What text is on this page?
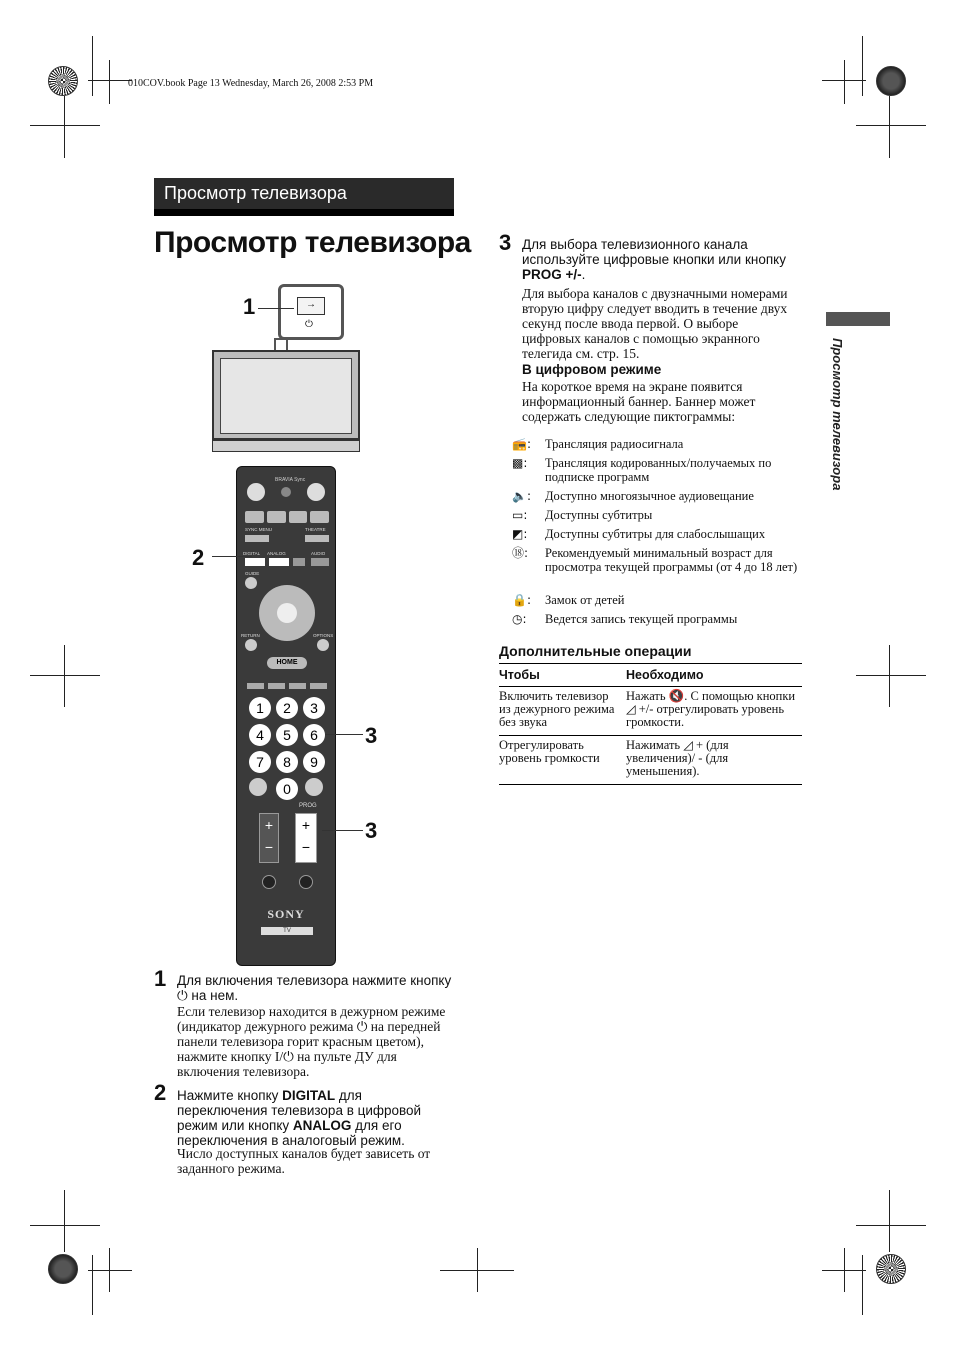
010COV.book Page 13 Wednesday, March 26, 2008 2:53 PM
Просмотр телевизора
Просмотр телевизора
Просмотр телевизора
→
⏻
1
BRAVIA Sync
SYNC MENU	THEATRE
DIGITAL ANALOG	AUDIO
GUIDE
RETURN	OPTIONS
HOME
1	2	3
4	5	6
7	8	9
0
PROG
+
−
+
−
SONY
TV
2
3
3
1 Для включения телевизора нажмите кнопку ⏻ на нем.
Если телевизор находится в дежурном режиме (индикатор дежурного режима ⏻ на передней панели телевизора горит красным цветом), нажмите кнопку I/⏻ на пульте ДУ для включения телевизора.
2 Нажмите кнопку DIGITAL для переключения телевизора в цифровой режим или кнопку ANALOG для его переключения в аналоговый режим.
Число доступных каналов будет зависеть от заданного режима.
3 Для выбора телевизионного канала используйте цифровые кнопки или кнопку PROG +/-.
Для выбора каналов с двузначными номерами вторую цифру следует вводить в течение двух секунд после ввода первой. О выборе цифровых каналов с помощью экранного телегида см. стр. 15.
В цифровом режиме
На короткое время на экране появится информационный баннер. Баннер может содержать следующие пиктограммы:
📻:	Трансляция радиосигнала
▩:	Трансляция кодированных/получаемых по подписке программ
🔈:	Доступно многоязычное аудиовещание
▭:	Доступны субтитры
◩:	Доступны субтитры для слабослышащих
⑱:	Рекомендуемый минимальный возраст для просмотра текущей программы (от 4 до 18 лет)
🔒:	Замок от детей
◷:	Ведется запись текущей программы
Дополнительные операции
Чтобы	Необходимо
Включить телевизор из дежурного режима без звука	Нажать 🔇. С помощью кнопки ◿ +/- отрегулировать уровень громкости.
Отрегулировать уровень громкости	Нажимать ◿ + (для увеличения)/ - (для уменьшения).
